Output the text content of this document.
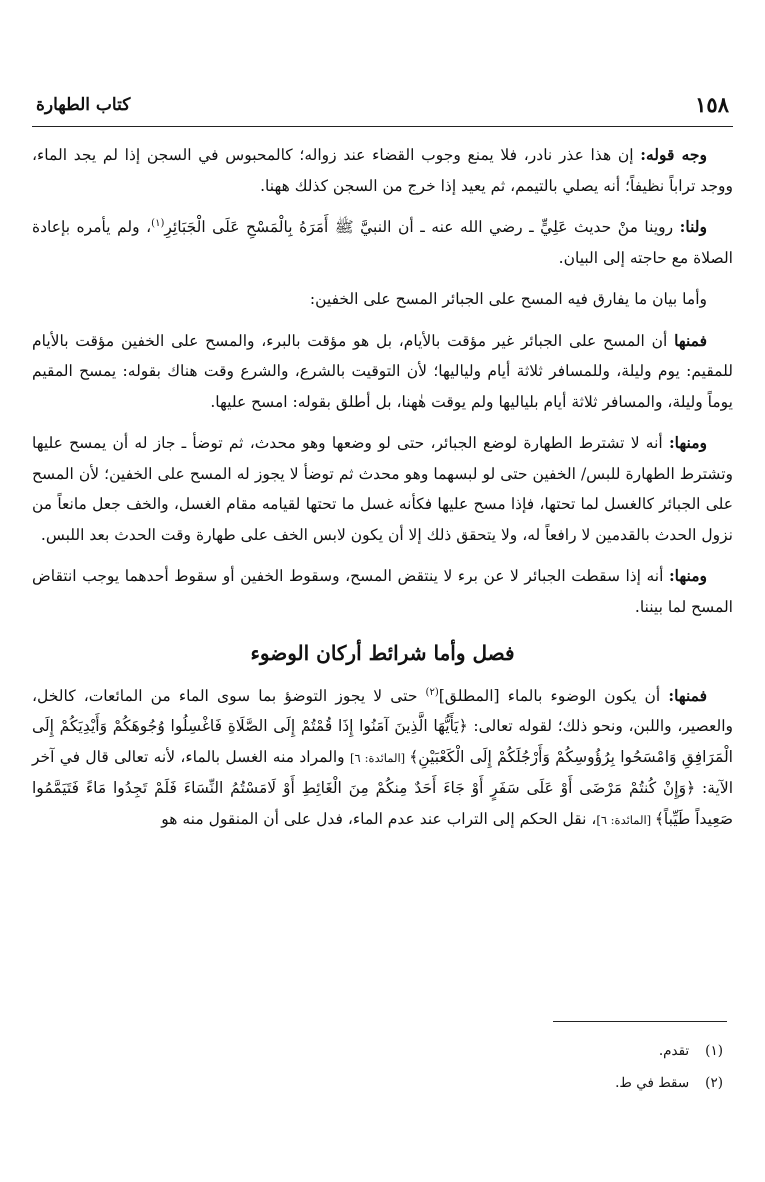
١٥٨
كتاب الطهارة

وجه قوله: إن هذا عذر نادر، فلا يمنع وجوب القضاء عند زواله؛ كالمحبوس في السجن إذا لم يجد الماء، ووجد تراباً نظيفاً؛ أنه يصلي بالتيمم، ثم يعيد إذا خرج من السجن كذلك ههنا.

ولنا: روينا منْ حديث عَلِيٍّ ـ رضي الله عنه ـ أن النبيَّ ﷺ أَمَرَهُ بِالْمَسْحِ عَلَى الْجَبَائِرِ$^{(١)}$، ولم يأمره بإعادة الصلاة مع حاجته إلى البيان.

وأما بيان ما يفارق فيه المسح على الجبائر المسح على الخفين:

فمنها أن المسح على الجبائر غير مؤقت بالأيام، بل هو مؤقت بالبرء، والمسح على الخفين مؤقت بالأيام للمقيم: يوم وليلة، وللمسافر ثلاثة أيام ولياليها؛ لأن التوقيت بالشرع، والشرع وقت هناك بقوله: يمسح المقيم يوماً وليلة، والمسافر ثلاثة أيام بلياليها ولم يوقت هٰهنا، بل أطلق بقوله: امسح عليها.

ومنها: أنه لا تشترط الطهارة لوضع الجبائر، حتى لو وضعها وهو محدث، ثم توضأ ـ جاز له أن يمسح عليها وتشترط الطهارة للبس/ الخفين حتى لو لبسهما وهو محدث ثم توضأ لا يجوز له المسح على الخفين؛ لأن المسح على الجبائر كالغسل لما تحتها، فإذا مسح عليها فكأنه غسل ما تحتها لقيامه مقام الغسل، والخف جعل مانعاً من نزول الحدث بالقدمين لا رافعاً له، ولا يتحقق ذلك إلا أن يكون لابس الخف على طهارة وقت الحدث بعد اللبس.

ومنها: أنه إذا سقطت الجبائر لا عن برء لا ينتقض المسح، وسقوط الخفين أو سقوط أحدهما يوجب انتقاض المسح لما بيننا.

فصل وأما شرائط أركان الوضوء

فمنها: أن يكون الوضوء بالماء [المطلق]$^{(٢)}$ حتى لا يجوز التوضؤ بما سوى الماء من المائعات، كالخل، والعصير، واللبن، ونحو ذلك؛ لقوله تعالى: ﴿يَأَيُّهَا الَّذِينَ آمَنُوا إِذَا قُمْتُمْ إِلَى الصَّلَاةِ فَاغْسِلُوا وُجُوهَكُمْ وَأَيْدِيَكُمْ إِلَى الْمَرَافِقِ وَامْسَحُوا بِرُؤُوسِكُمْ وَأَرْجُلَكُمْ إِلَى الْكَعْبَيْنِ﴾ [المائدة: ٦] والمراد منه الغسل بالماء، لأنه تعالى قال في آخر الآية: ﴿وَإِنْ كُنتُمْ مَرْضَى أَوْ عَلَى سَفَرٍ أَوْ جَاءَ أَحَدٌ مِنكُمْ مِنَ الْغَائِطِ أَوْ لَامَسْتُمُ النِّسَاءَ فَلَمْ تَجِدُوا مَاءً فَتَيَمَّمُوا صَعِيداً طَيِّباً﴾ [المائدة: ٦]، نقل الحكم إلى التراب عند عدم الماء، فدل على أن المنقول منه هو

(١)تقدم.

(٢)سقط في ط.
